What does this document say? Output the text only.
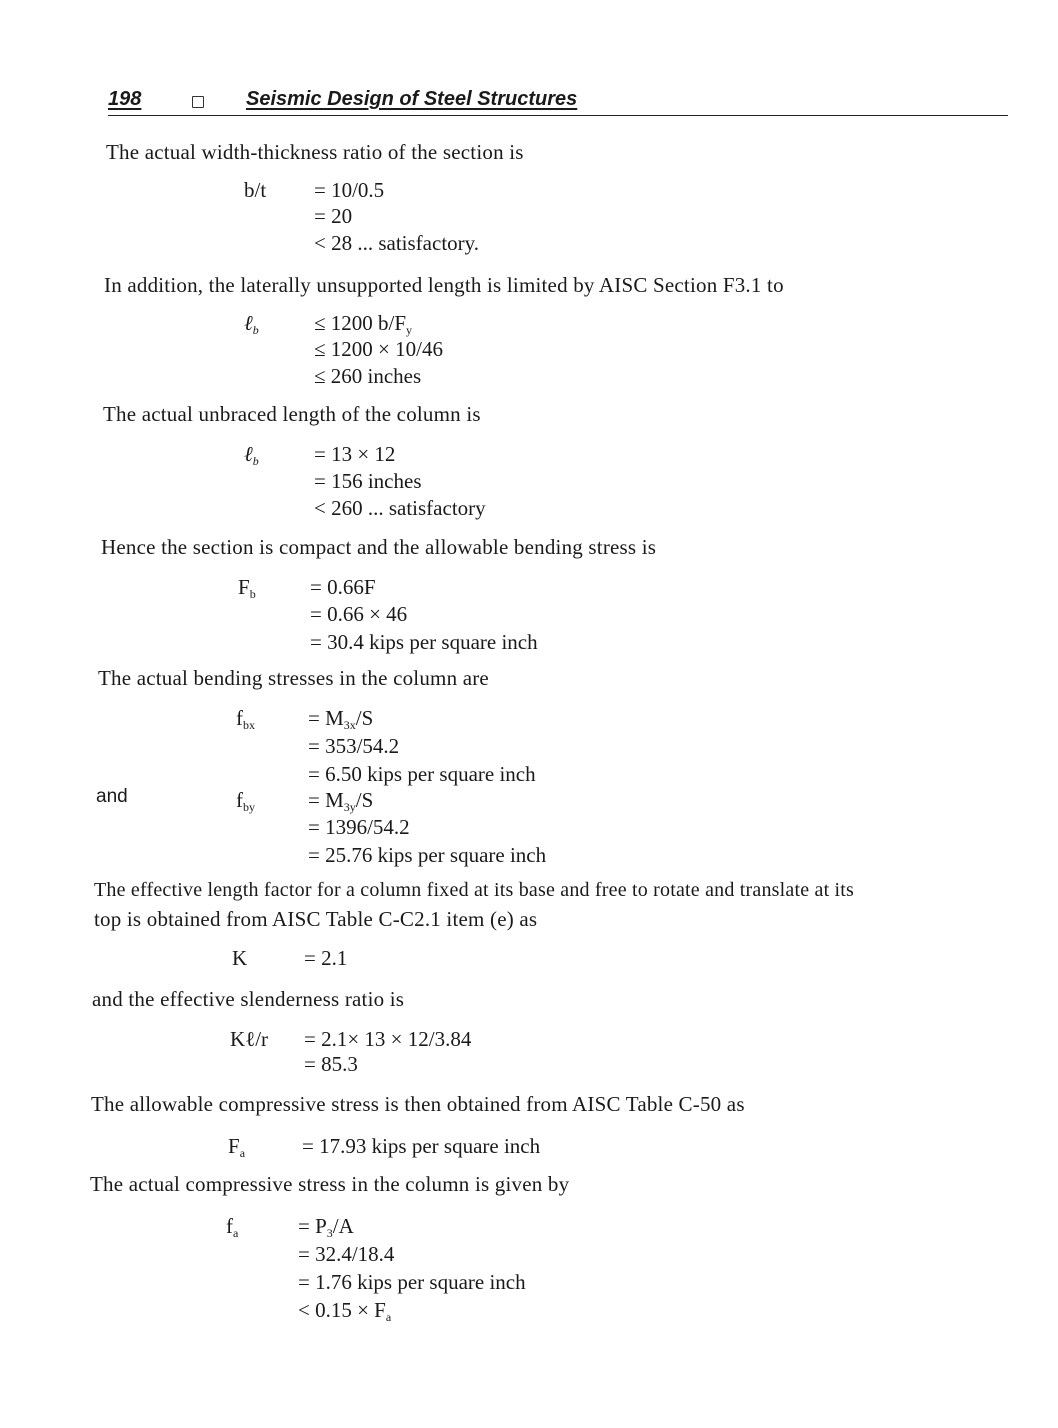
198	Seismic Design of Steel Structures
The actual width-thickness ratio of the section is
b/t = 10/0.5
= 20
< 28 ... satisfactory.
In addition, the laterally unsupported length is limited by AISC Section F3.1 to
ℓ$_b$	≤ 1200 $b/F_y$
≤ 1200 × 10/46
≤ 260 inches
The actual unbraced length of the column is
ℓ$_b$	= 13 × 12
= 156 inches
< 260 ... satisfactory
Hence the section is compact and the allowable bending stress is
$F_b$	= 0.66F
= 0.66 × 46
= 30.4 kips per square inch
The actual bending stresses in the column are
$f_{bx}$	= $M_{3x}/S$
= 353/54.2
= 6.50 kips per square inch
and	$f_{by}$	= $M_{3y}/S$
= 1396/54.2
= 25.76 kips per square inch
The effective length factor for a column fixed at its base and free to rotate and translate at its
top is obtained from AISC Table C-C2.1 item (e) as
K	= 2.1
and the effective slenderness ratio is
Kℓ/r = 2.1× 13 × 12/3.84
= 85.3
The allowable compressive stress is then obtained from AISC Table C-50 as
$F_a$	= 17.93 kips per square inch
The actual compressive stress in the column is given by
$f_a$	= $P_3/A$
= 32.4/18.4
= 1.76 kips per square inch
< $0.15 \times F_a$
